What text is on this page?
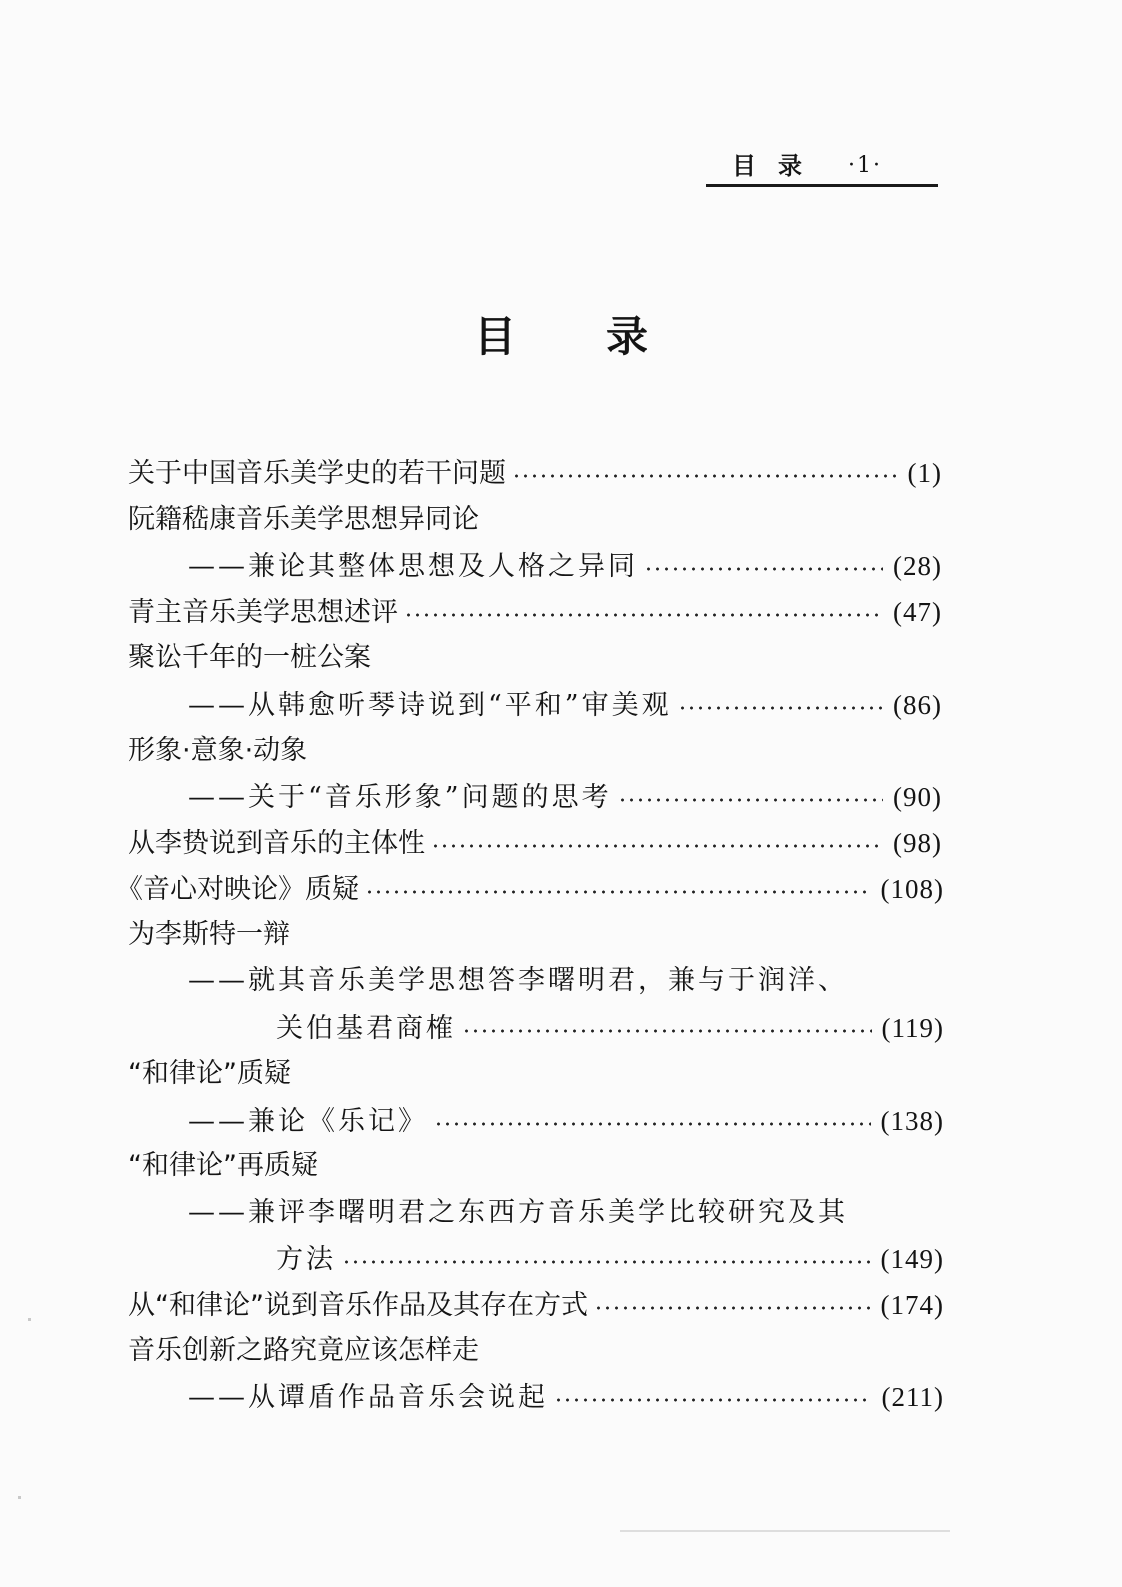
目录 ·1·
目录
关于中国音乐美学史的若干问题	(1)
阮籍嵇康音乐美学思想异同论
——兼论其整体思想及人格之异同	(28)
青主音乐美学思想述评	(47)
聚讼千年的一桩公案
——从韩愈听琴诗说到“平和”审美观	(86)
形象·意象·动象
——关于“音乐形象”问题的思考	(90)
从李贽说到音乐的主体性	(98)
《音心对映论》质疑	(108)
为李斯特一辩
——就其音乐美学思想答李曙明君，兼与于润洋、
关伯基君商榷	(119)
“和律论”质疑
——兼论《乐记》	(138)
“和律论”再质疑
——兼评李曙明君之东西方音乐美学比较研究及其
方法	(149)
从“和律论”说到音乐作品及其存在方式	(174)
音乐创新之路究竟应该怎样走
——从谭盾作品音乐会说起	(211)
